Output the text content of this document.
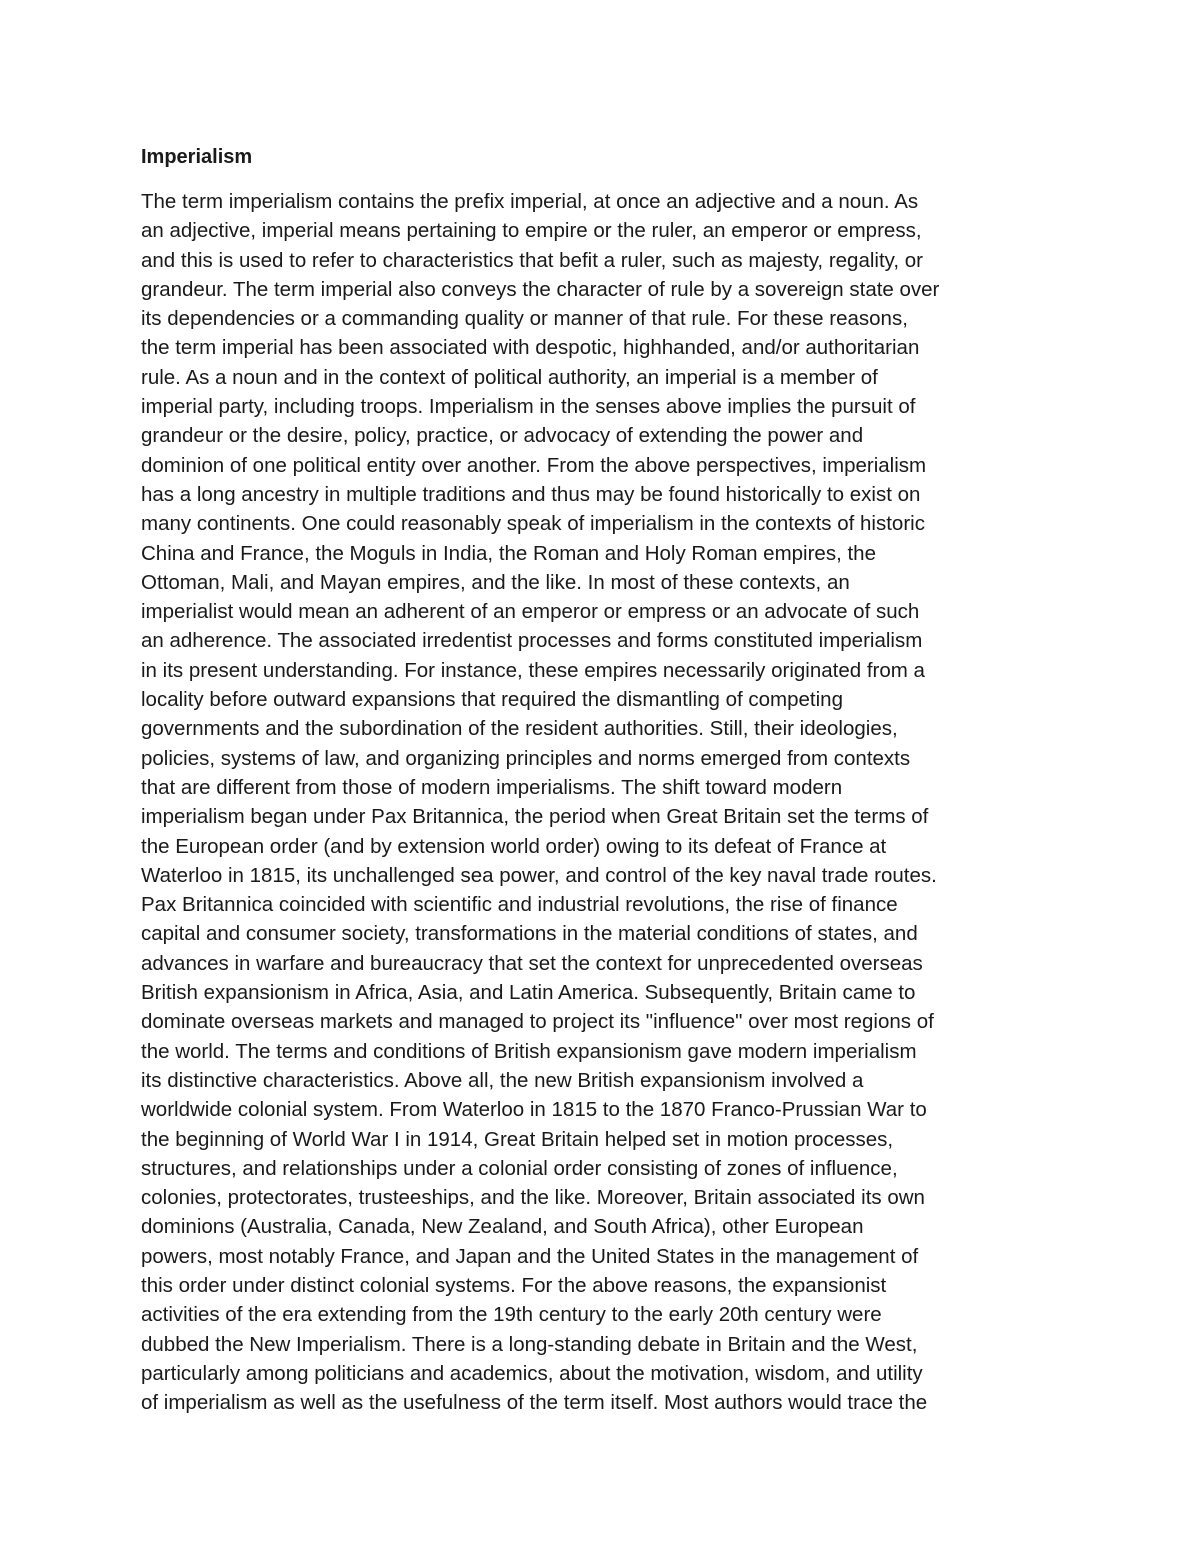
Imperialism
The term imperialism contains the prefix imperial, at once an adjective and a noun. As
an adjective, imperial means pertaining to empire or the ruler, an emperor or empress,
and this is used to refer to characteristics that befit a ruler, such as majesty, regality, or
grandeur. The term imperial also conveys the character of rule by a sovereign state over
its dependencies or a commanding quality or manner of that rule. For these reasons,
the term imperial has been associated with despotic, highhanded, and/or authoritarian
rule. As a noun and in the context of political authority, an imperial is a member of
imperial party, including troops. Imperialism in the senses above implies the pursuit of
grandeur or the desire, policy, practice, or advocacy of extending the power and
dominion of one political entity over another. From the above perspectives, imperialism
has a long ancestry in multiple traditions and thus may be found historically to exist on
many continents. One could reasonably speak of imperialism in the contexts of historic
China and France, the Moguls in India, the Roman and Holy Roman empires, the
Ottoman, Mali, and Mayan empires, and the like. In most of these contexts, an
imperialist would mean an adherent of an emperor or empress or an advocate of such
an adherence. The associated irredentist processes and forms constituted imperialism
in its present understanding. For instance, these empires necessarily originated from a
locality before outward expansions that required the dismantling of competing
governments and the subordination of the resident authorities. Still, their ideologies,
policies, systems of law, and organizing principles and norms emerged from contexts
that are different from those of modern imperialisms. The shift toward modern
imperialism began under Pax Britannica, the period when Great Britain set the terms of
the European order (and by extension world order) owing to its defeat of France at
Waterloo in 1815, its unchallenged sea power, and control of the key naval trade routes.
Pax Britannica coincided with scientific and industrial revolutions, the rise of finance
capital and consumer society, transformations in the material conditions of states, and
advances in warfare and bureaucracy that set the context for unprecedented overseas
British expansionism in Africa, Asia, and Latin America. Subsequently, Britain came to
dominate overseas markets and managed to project its "influence" over most regions of
the world. The terms and conditions of British expansionism gave modern imperialism
its distinctive characteristics. Above all, the new British expansionism involved a
worldwide colonial system. From Waterloo in 1815 to the 1870 Franco-Prussian War to
the beginning of World War I in 1914, Great Britain helped set in motion processes,
structures, and relationships under a colonial order consisting of zones of influence,
colonies, protectorates, trusteeships, and the like. Moreover, Britain associated its own
dominions (Australia, Canada, New Zealand, and South Africa), other European
powers, most notably France, and Japan and the United States in the management of
this order under distinct colonial systems. For the above reasons, the expansionist
activities of the era extending from the 19th century to the early 20th century were
dubbed the New Imperialism. There is a long-standing debate in Britain and the West,
particularly among politicians and academics, about the motivation, wisdom, and utility
of imperialism as well as the usefulness of the term itself. Most authors would trace the
